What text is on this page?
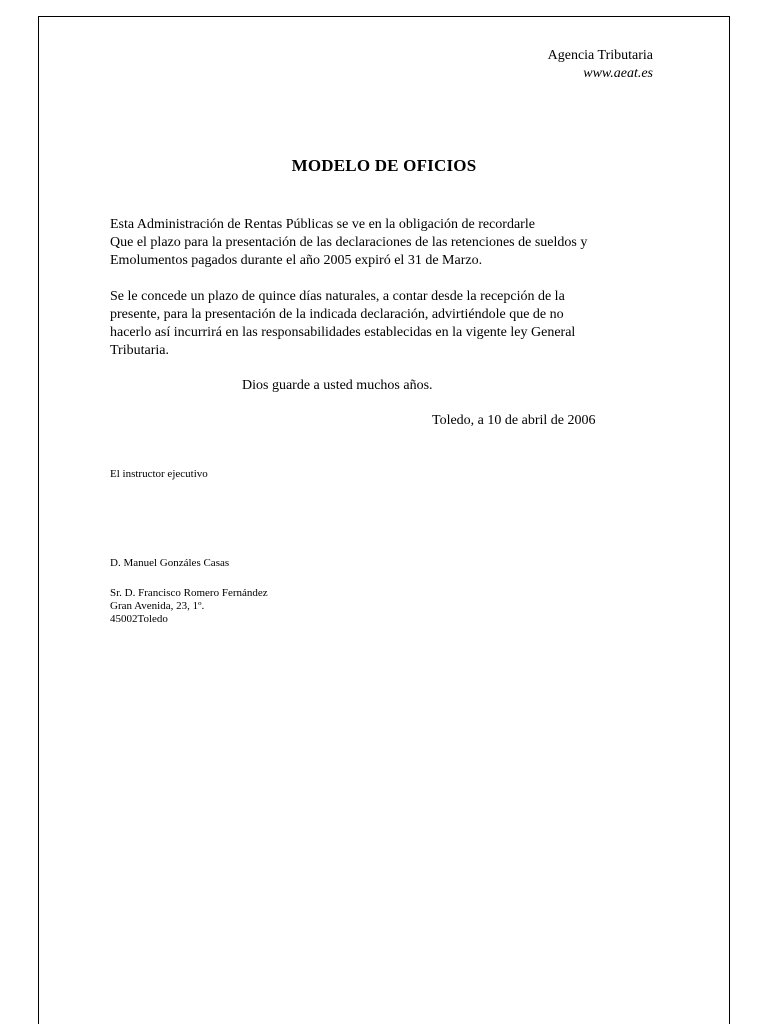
Agencia Tributaria
www.aeat.es
MODELO DE OFICIOS
Esta Administración de Rentas Públicas se ve en la obligación de recordarle
Que el plazo para la presentación de las declaraciones de las retenciones de sueldos y
Emolumentos pagados durante el año 2005 expiró el 31 de Marzo.
Se le concede un plazo de quince días naturales, a contar desde la recepción de la
presente, para la presentación de la indicada declaración, advirtiéndole que de no
hacerlo así incurrirá en las responsabilidades establecidas en la vigente ley General
Tributaria.
Dios guarde a usted muchos años.
Toledo, a 10 de abril de 2006
El instructor ejecutivo
D. Manuel Gonzáles Casas
Sr. D. Francisco Romero Fernández
Gran Avenida, 23, 1º.
45002Toledo
